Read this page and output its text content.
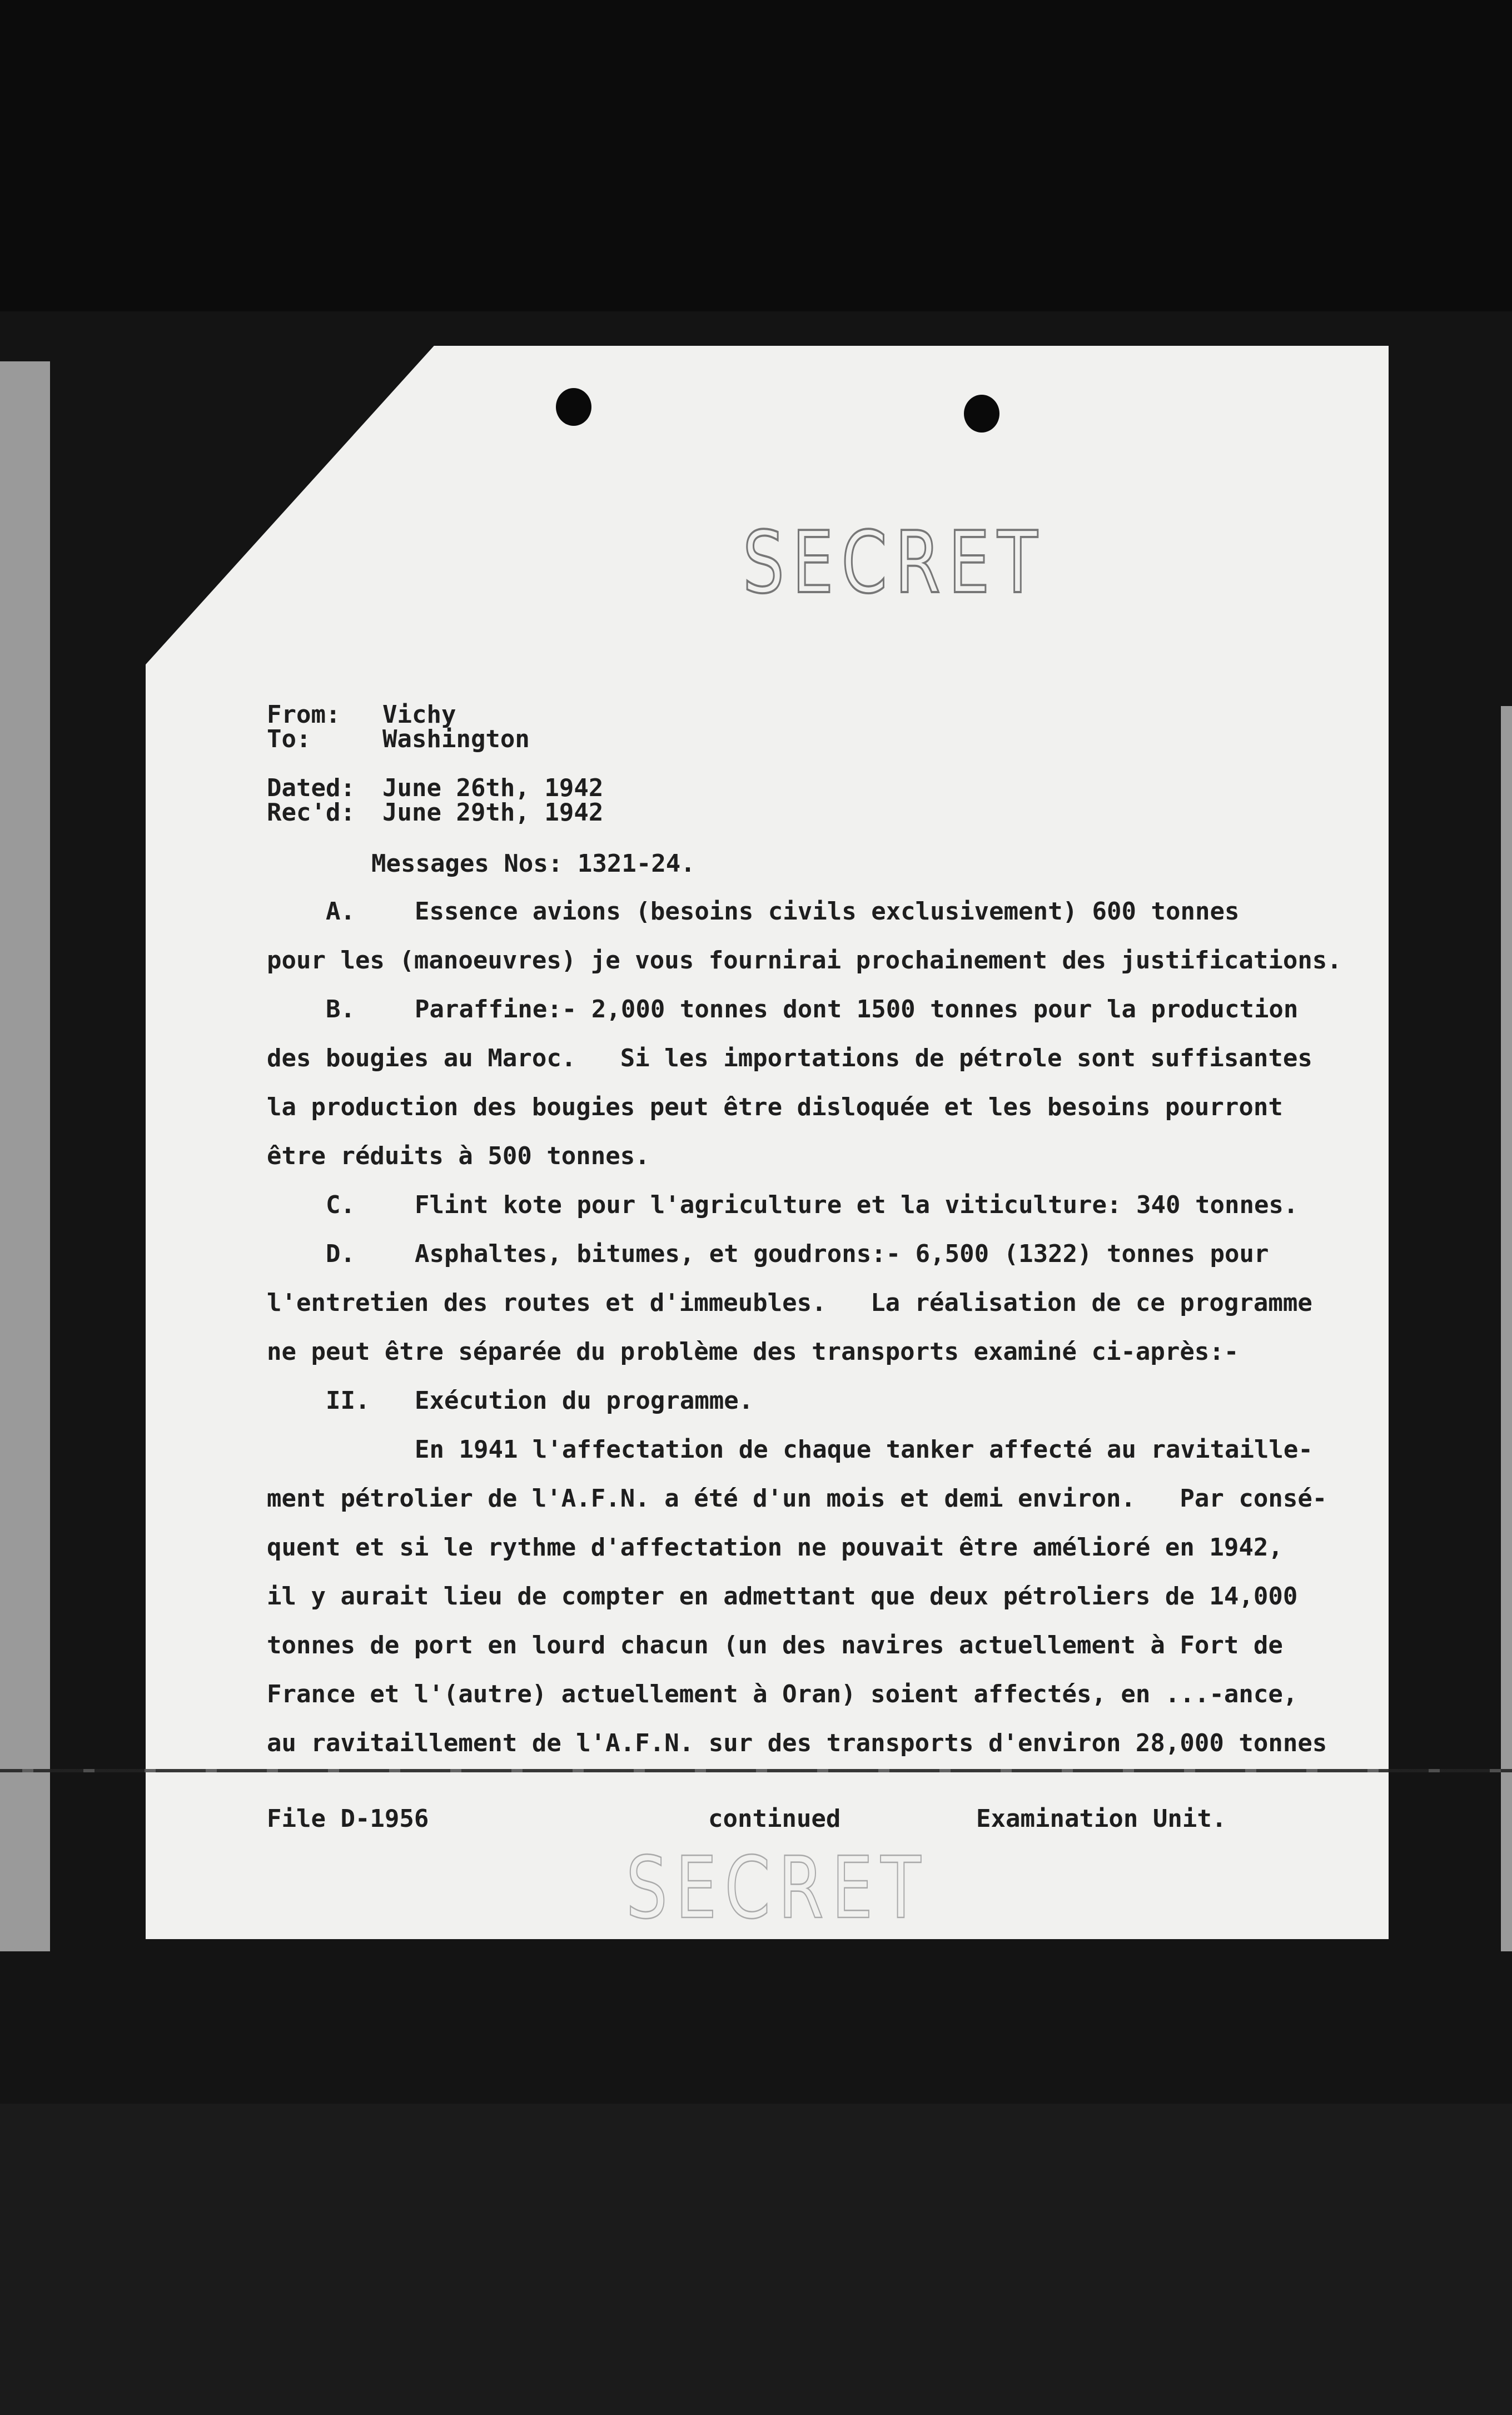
SECRET
From: Vichy
To:	Washington
Dated: June 26th, 1942
Rec'd: June 29th, 1942
Messages Nos: 1321-24.
A. Essence avions (besoins civils exclusivement) 600 tonnes
pour les (manoeuvres) je vous fournirai prochainement des justifications.
B. Paraffine:- 2,000 tonnes dont 1500 tonnes pour la production
des bougies au Maroc.   Si les importations de pétrole sont suffisantes
la production des bougies peut être disloquée et les besoins pourront
être réduits à 500 tonnes.
C. Flint kote pour l'agriculture et la viticulture: 340 tonnes.
D. Asphaltes, bitumes, et goudrons:- 6,500 (1322) tonnes pour
l'entretien des routes et d'immeubles.   La réalisation de ce programme
ne peut être séparée du problème des transports examiné ci-après:-
II. Exécution du programme.
En 1941 l'affectation de chaque tanker affecté au ravitaille-
ment pétrolier de l'A.F.N. a été d'un mois et demi environ.   Par consé-
quent et si le rythme d'affectation ne pouvait être amélioré en 1942,
il y aurait lieu de compter en admettant que deux pétroliers de 14,000
tonnes de port en lourd chacun (un des navires actuellement à Fort de
France et l'(autre) actuellement à Oran) soient affectés, en ...-ance,
au ravitaillement de l'A.F.N. sur des transports d'environ 28,000 tonnes
File D-1956	continued	Examination Unit.
SECRET
